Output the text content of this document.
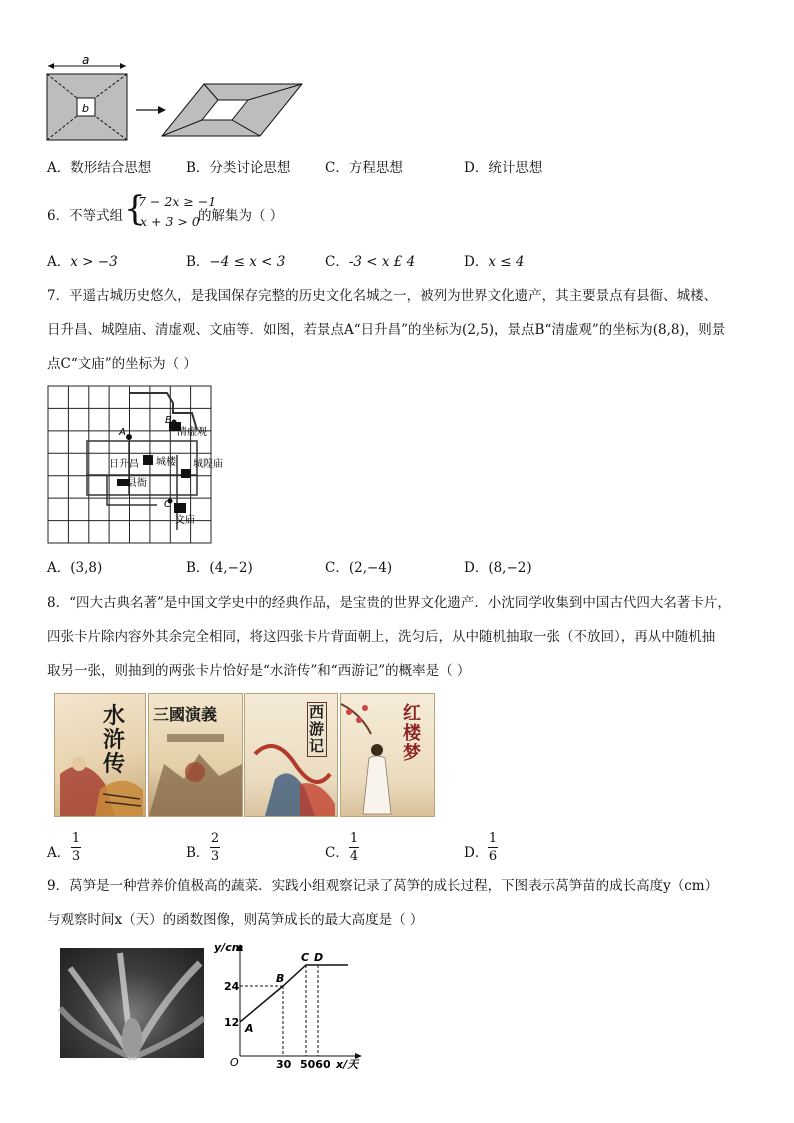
a
b
A．数形结合思想	B．分类讨论思想	C．方程思想	D．统计思想
6．不等式组 {
7 − 2x ≥ −1
x + 3 > 0
的解集为（ ）
A．x > −3	B．−4 ≤ x < 3	C．-3 < x £ 4	D．x ≤ 4
7．平遥古城历史悠久，是我国保存完整的历史文化名城之一，被列为世界文化遗产，其主要景点有县衙、城楼、
日升昌、城隍庙、清虚观、文庙等．如图，若景点A“日升昌”的坐标为(2,5)，景点B“清虚观”的坐标为(8,8)，则景
点C“文庙”的坐标为（ ）
A
B
C
日升昌 城楼 城隍庙
清虚观
县衙
文庙
A．(3,8)	B．(4,−2)	C．(2,−4)	D．(8,−2)
8．“四大古典名著”是中国文学史中的经典作品，是宝贵的世界文化遗产．小沈同学收集到中国古代四大名著卡片，
四张卡片除内容外其余完全相同，将这四张卡片背面朝上，洗匀后，从中随机抽取一张（不放回），再从中随机抽
取另一张，则抽到的两张卡片恰好是“水浒传”和“西游记”的概率是（ ）
水浒传
三國演義	西游记
红楼梦
A．
1
3	B．
2
3	C．
1
4	D．
1
6
9．莴笋是一种营养价值极高的蔬菜．实践小组观察记录了莴笋的成长过程，下图表示莴笋苗的成长高度y（cm）
与观察时间x（天）的函数图像，则莴笋成长的最大高度是（ ）
y/cm
x/天
O
24
12
30 5060
A
B
C D
